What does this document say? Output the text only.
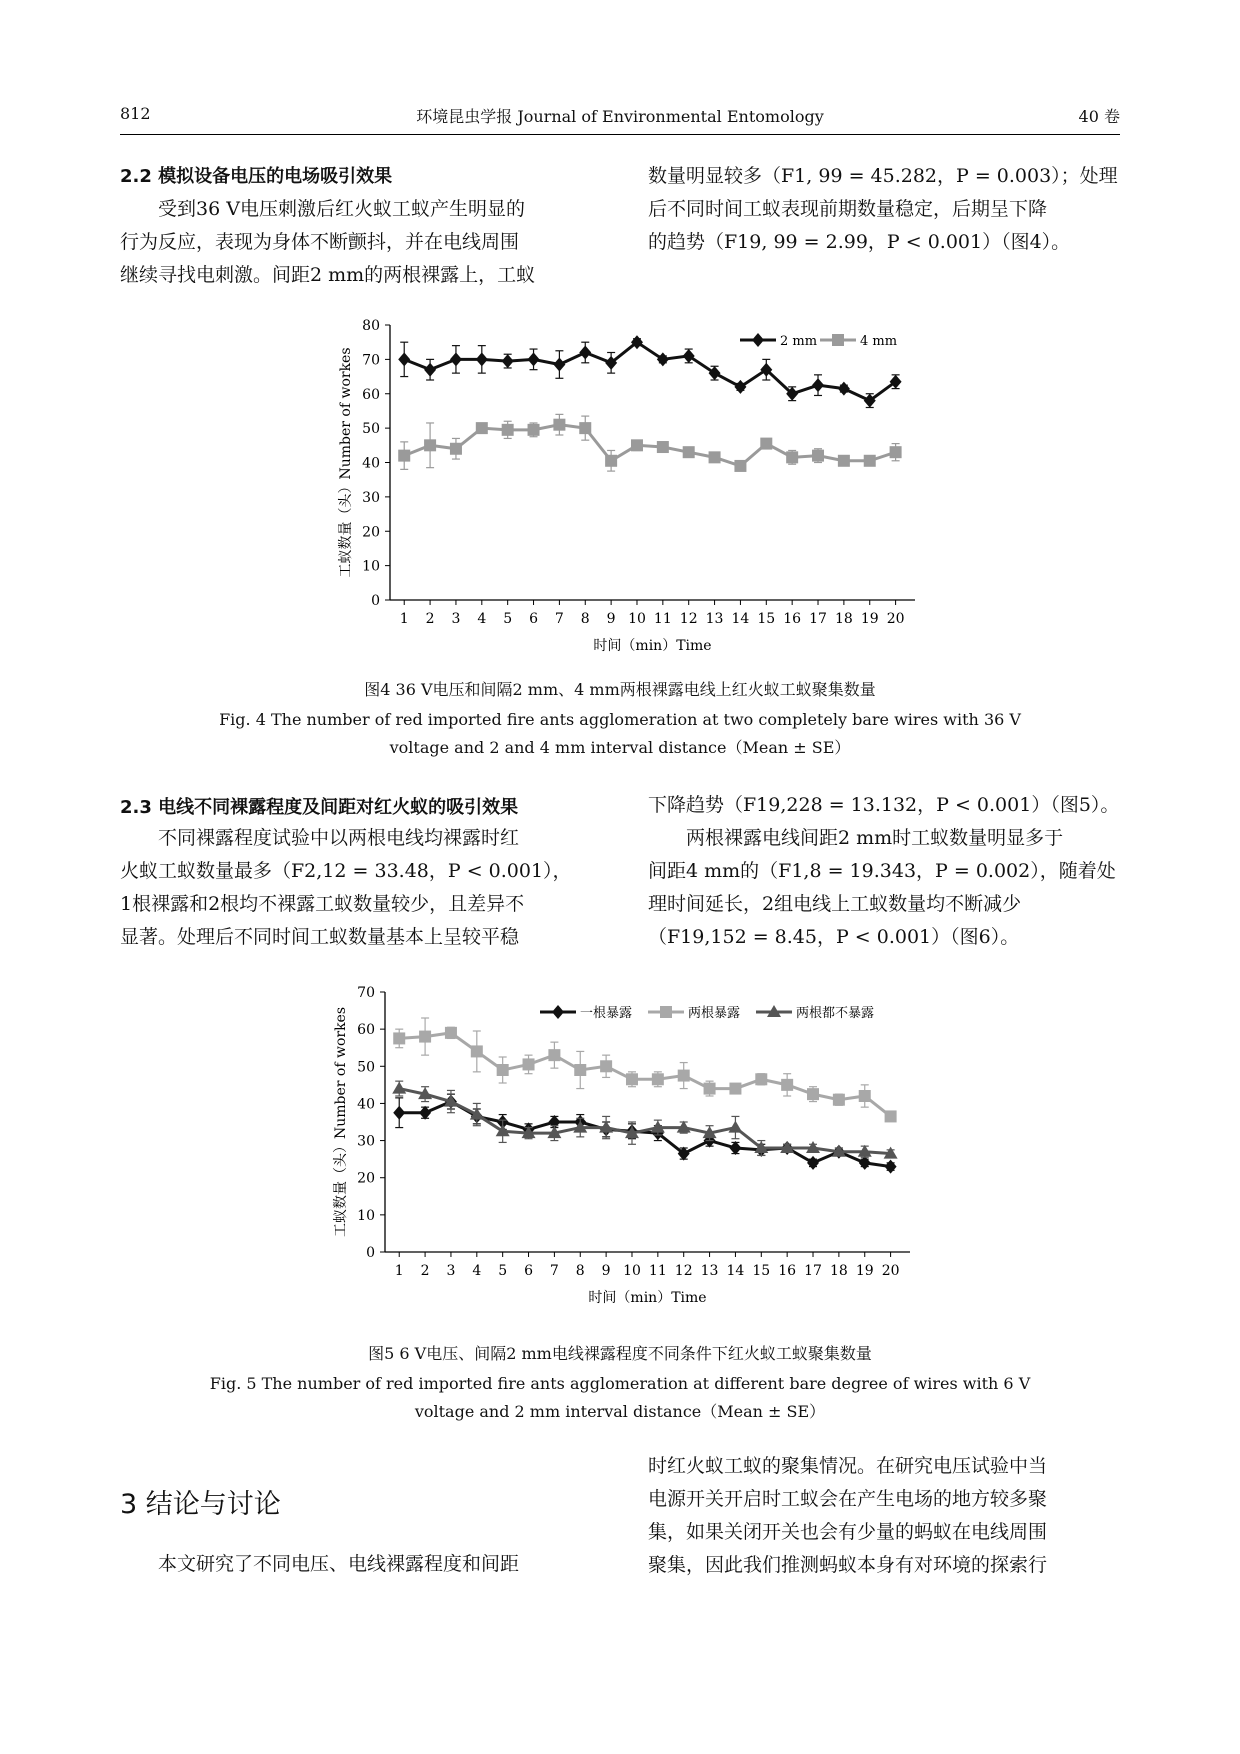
812	环境昆虫学报 Journal of Environmental Entomology	40 卷
2.2 模拟设备电压的电场吸引效果
　　受到36 V电压刺激后红火蚁工蚁产生明显的
行为反应，表现为身体不断颤抖，并在电线周围
继续寻找电刺激。间距2 mm的两根裸露上，工蚁
数量明显较多（F1, 99 = 45.282，P = 0.003）；处理
后不同时间工蚁表现前期数量稳定，后期呈下降
的趋势（F19, 99 = 2.99，P < 0.001）（图4）。
0
10
20
30
40
50
60
70
80
1 2 3 4 5 6 7 8 9 10 11 12 13 14 15 16 17 18 19 20
时间（min）Time
工蚁数量（头）Number of workes
2 mm	4 mm
图4 36 V电压和间隔2 mm、4 mm两根裸露电线上红火蚁工蚁聚集数量
Fig. 4 The number of red imported fire ants agglomeration at two completely bare wires with 36 V
voltage and 2 and 4 mm interval distance（Mean ± SE）
2.3 电线不同裸露程度及间距对红火蚁的吸引效果
　　不同裸露程度试验中以两根电线均裸露时红
火蚁工蚁数量最多（F2,12 = 33.48，P < 0.001），
1根裸露和2根均不裸露工蚁数量较少，且差异不
显著。处理后不同时间工蚁数量基本上呈较平稳
下降趋势（F19,228 = 13.132，P < 0.001）（图5）。
　　两根裸露电线间距2 mm时工蚁数量明显多于
间距4 mm的（F1,8 = 19.343，P = 0.002），随着处
理时间延长，2组电线上工蚁数量均不断减少
（F19,152 = 8.45，P < 0.001）（图6）。
0
10
20
30
40
50
60
70
1 2 3 4 5 6 7 8 9 10 11 12 13 14 15 16 17 18 19 20
时间（min）Time
工蚁数量（头）Number of workes	一根暴露	两根暴露	两根都不暴露
图5 6 V电压、间隔2 mm电线裸露程度不同条件下红火蚁工蚁聚集数量
Fig. 5 The number of red imported fire ants agglomeration at different bare degree of wires with 6 V
voltage and 2 mm interval distance（Mean ± SE）
3 结论与讨论
　　本文研究了不同电压、电线裸露程度和间距
时红火蚁工蚁的聚集情况。在研究电压试验中当
电源开关开启时工蚁会在产生电场的地方较多聚
集，如果关闭开关也会有少量的蚂蚁在电线周围
聚集，因此我们推测蚂蚁本身有对环境的探索行
